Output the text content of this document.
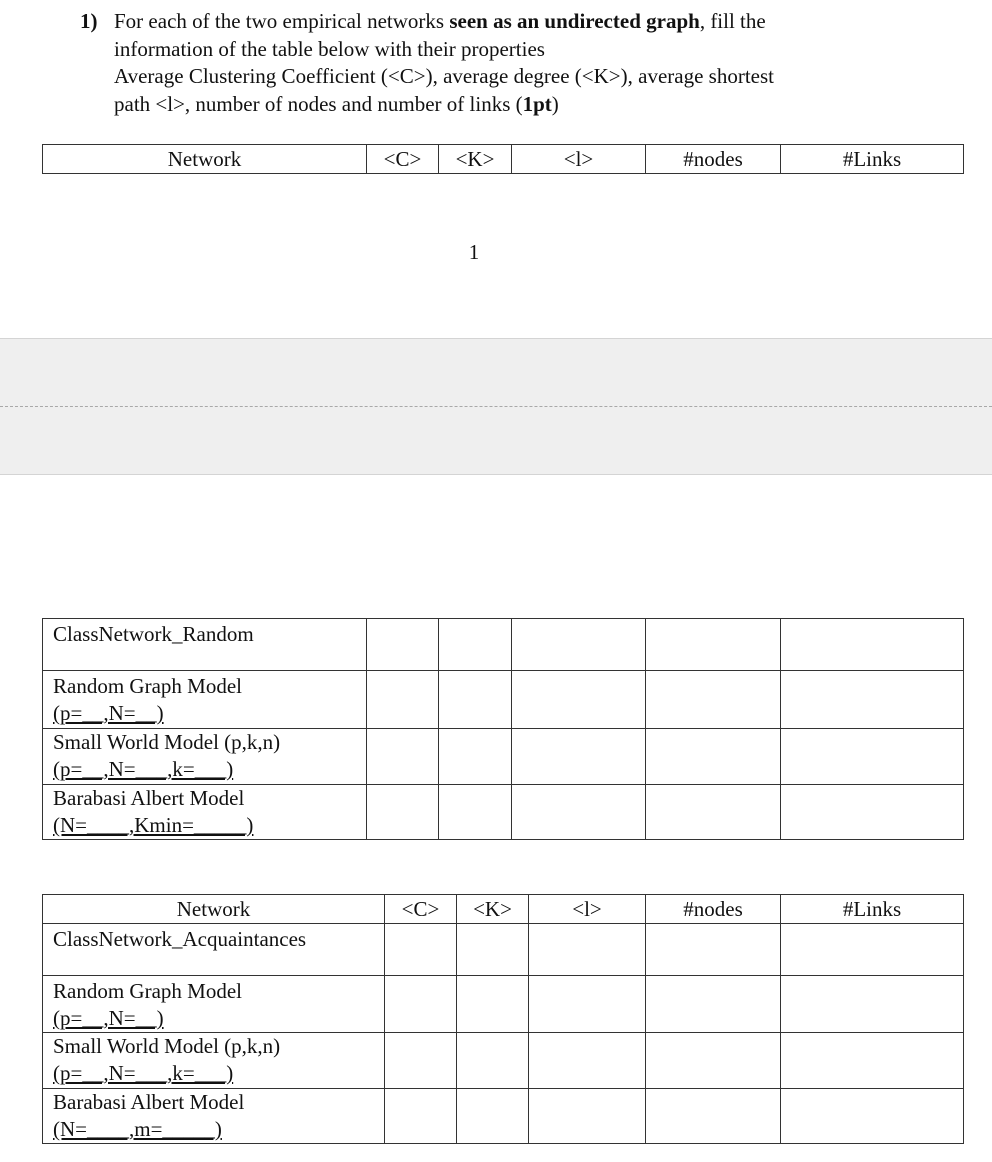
1) For each of the two empirical networks seen as an undirected graph, fill the
information of the table below with their properties
Average Clustering Coefficient (<C>), average degree (<K>), average shortest
path <l>, number of nodes and number of links (1pt)
Network	<C>	<K>	<l>	#nodes	#Links
1
ClassNetwork_Random					

Random Graph Model
(p=__,N=__)					

Small World Model (p,k,n)
(p=__,N=___,k=___)					

Barabasi Albert Model
(N=____,Kmin=_____)					

Network	<C>	<K>	<l>	#nodes	#Links

ClassNetwork_Acquaintances					

Random Graph Model
(p=__,N=__)					

Small World Model (p,k,n)
(p=__,N=___,k=___)					

Barabasi Albert Model
(N=____,m=_____)					
